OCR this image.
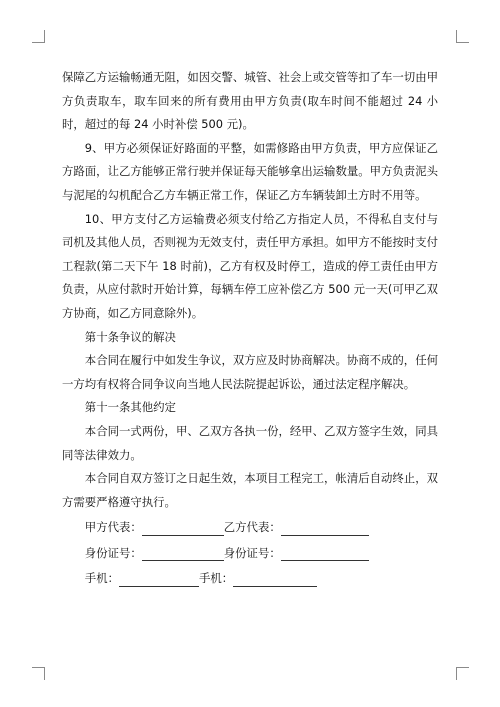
保障乙方运输畅通无阻，如因交警、城管、社会上或交管等扣了车一切由甲方负责取车，取车回来的所有费用由甲方负责(取车时间不能超过 24 小时，超过的每 24 小时补偿 500 元)。

9、甲方必须保证好路面的平整，如需修路由甲方负责，甲方应保证乙方路面，让乙方能够正常行驶并保证每天能够拿出运输数量。甲方负责泥头与泥尾的勾机配合乙方车辆正常工作，保证乙方车辆装卸土方时不用等。

10、甲方支付乙方运输费必须支付给乙方指定人员，不得私自支付与司机及其他人员，否则视为无效支付，责任甲方承担。如甲方不能按时支付工程款(第二天下午 18 时前)，乙方有权及时停工，造成的停工责任由甲方负责，从应付款时开始计算，每辆车停工应补偿乙方 500 元一天(可甲乙双方协商，如乙方同意除外)。

第十条争议的解决

本合同在履行中如发生争议，双方应及时协商解决。协商不成的，任何一方均有权将合同争议向当地人民法院提起诉讼，通过法定程序解决。

第十一条其他约定

本合同一式两份，甲、乙双方各执一份，经甲、乙双方签字生效，同具同等法律效力。

本合同自双方签订之日起生效，本项目工程完工，帐清后自动终止，双方需要严格遵守执行。

甲方代表：	乙方代表：
身份证号：	身份证号：
手机：	手机：
